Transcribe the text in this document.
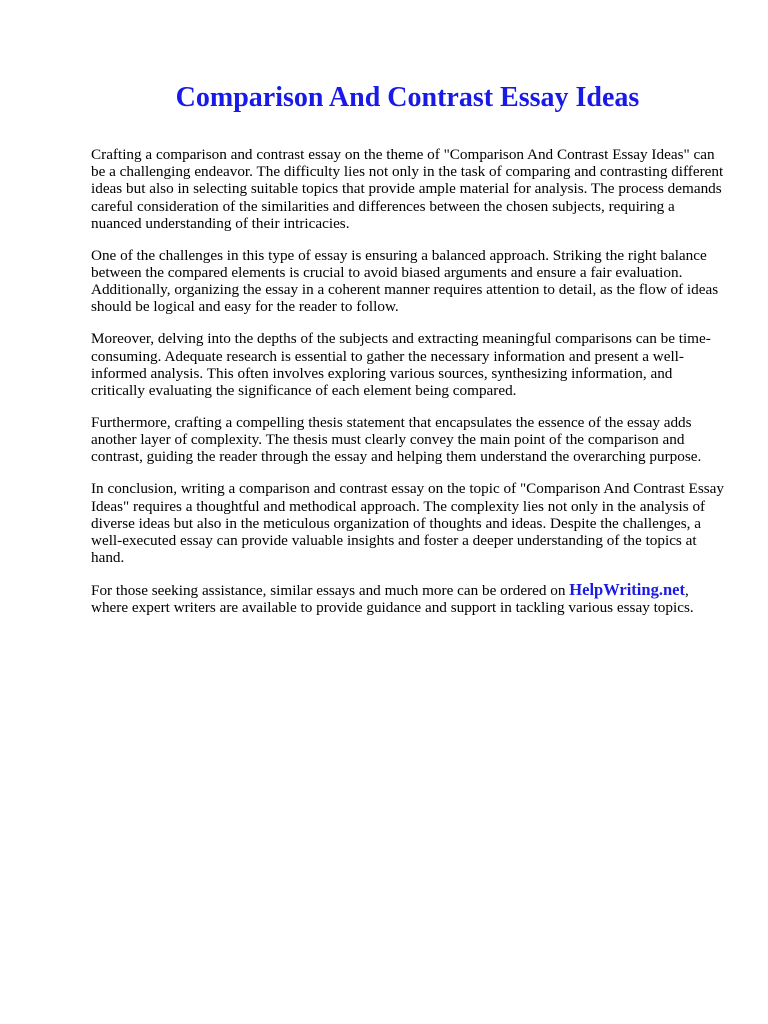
Comparison And Contrast Essay Ideas

Crafting a comparison and contrast essay on the theme of "Comparison And Contrast Essay Ideas" can be a challenging endeavor. The difficulty lies not only in the task of comparing and contrasting different ideas but also in selecting suitable topics that provide ample material for analysis. The process demands careful consideration of the similarities and differences between the chosen subjects, requiring a nuanced understanding of their intricacies.

One of the challenges in this type of essay is ensuring a balanced approach. Striking the right balance between the compared elements is crucial to avoid biased arguments and ensure a fair evaluation. Additionally, organizing the essay in a coherent manner requires attention to detail, as the flow of ideas should be logical and easy for the reader to follow.

Moreover, delving into the depths of the subjects and extracting meaningful comparisons can be time-consuming. Adequate research is essential to gather the necessary information and present a well-informed analysis. This often involves exploring various sources, synthesizing information, and critically evaluating the significance of each element being compared.

Furthermore, crafting a compelling thesis statement that encapsulates the essence of the essay adds another layer of complexity. The thesis must clearly convey the main point of the comparison and contrast, guiding the reader through the essay and helping them understand the overarching purpose.

In conclusion, writing a comparison and contrast essay on the topic of "Comparison And Contrast Essay Ideas" requires a thoughtful and methodical approach. The complexity lies not only in the analysis of diverse ideas but also in the meticulous organization of thoughts and ideas. Despite the challenges, a well-executed essay can provide valuable insights and foster a deeper understanding of the topics at hand.

For those seeking assistance, similar essays and much more can be ordered on HelpWriting.net, where expert writers are available to provide guidance and support in tackling various essay topics.
